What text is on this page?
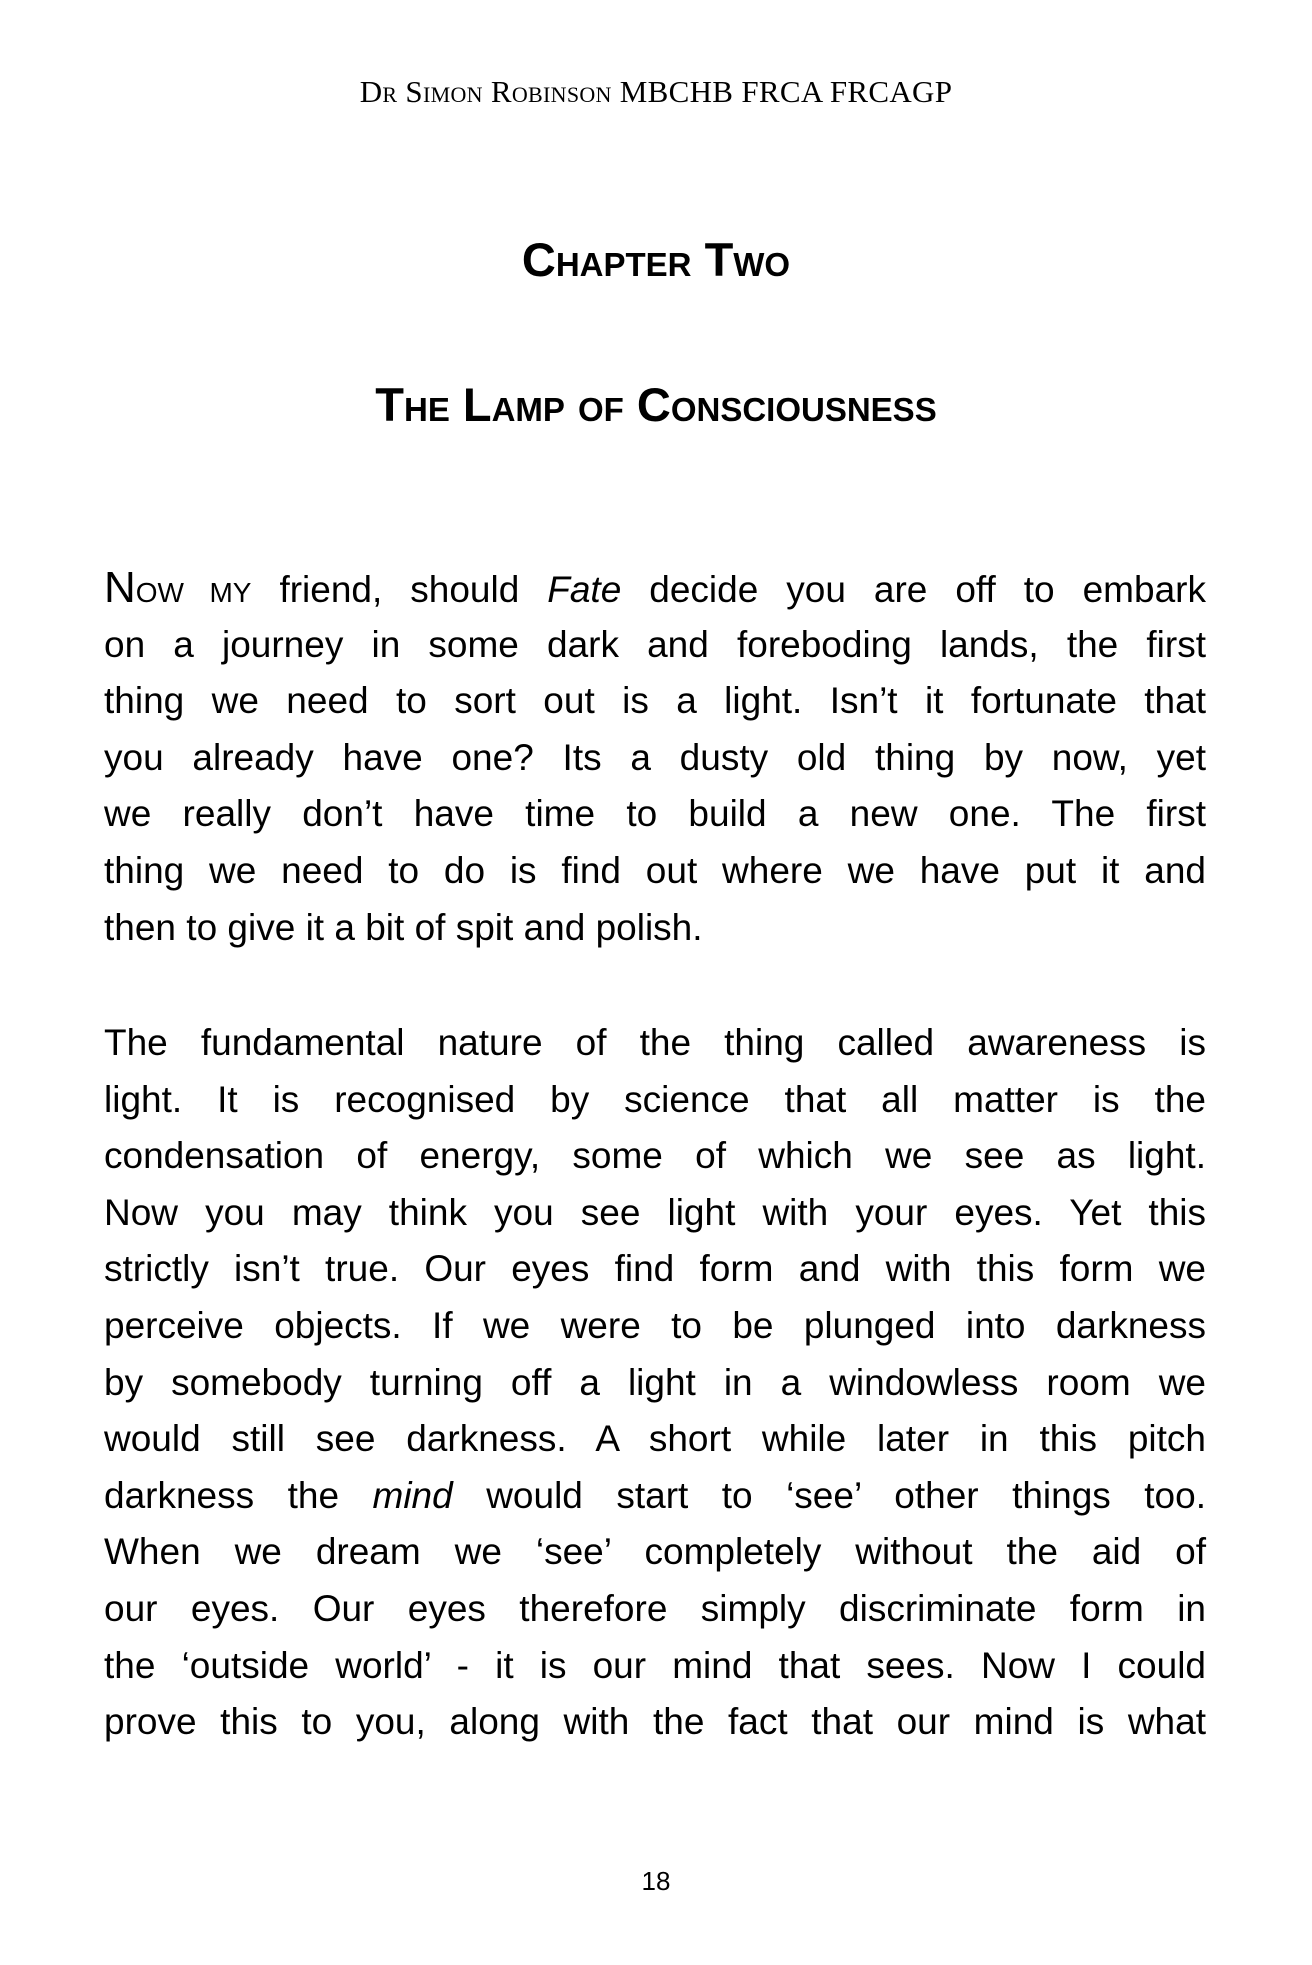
Dr Simon Robinson MBCHB FRCA FRCAGP
Chapter Two
The Lamp of Consciousness
NOW MY friend, should Fate decide you are off to embark
on a journey in some dark and foreboding lands, the first
thing we need to sort out is a light. Isn’t it fortunate that
you already have one? Its a dusty old thing by now, yet
we really don’t have time to build a new one. The first
thing we need to do is find out where we have put it and
then to give it a bit of spit and polish.
The fundamental nature of the thing called awareness is
light. It is recognised by science that all matter is the
condensation of energy, some of which we see as light.
Now you may think you see light with your eyes. Yet this
strictly isn’t true. Our eyes find form and with this form we
perceive objects. If we were to be plunged into darkness
by somebody turning off a light in a windowless room we
would still see darkness. A short while later in this pitch
darkness the mind would start to ‘see’ other things too.
When we dream we ‘see’ completely without the aid of
our eyes. Our eyes therefore simply discriminate form in
the ‘outside world’ - it is our mind that sees. Now I could
prove this to you, along with the fact that our mind is what
18
